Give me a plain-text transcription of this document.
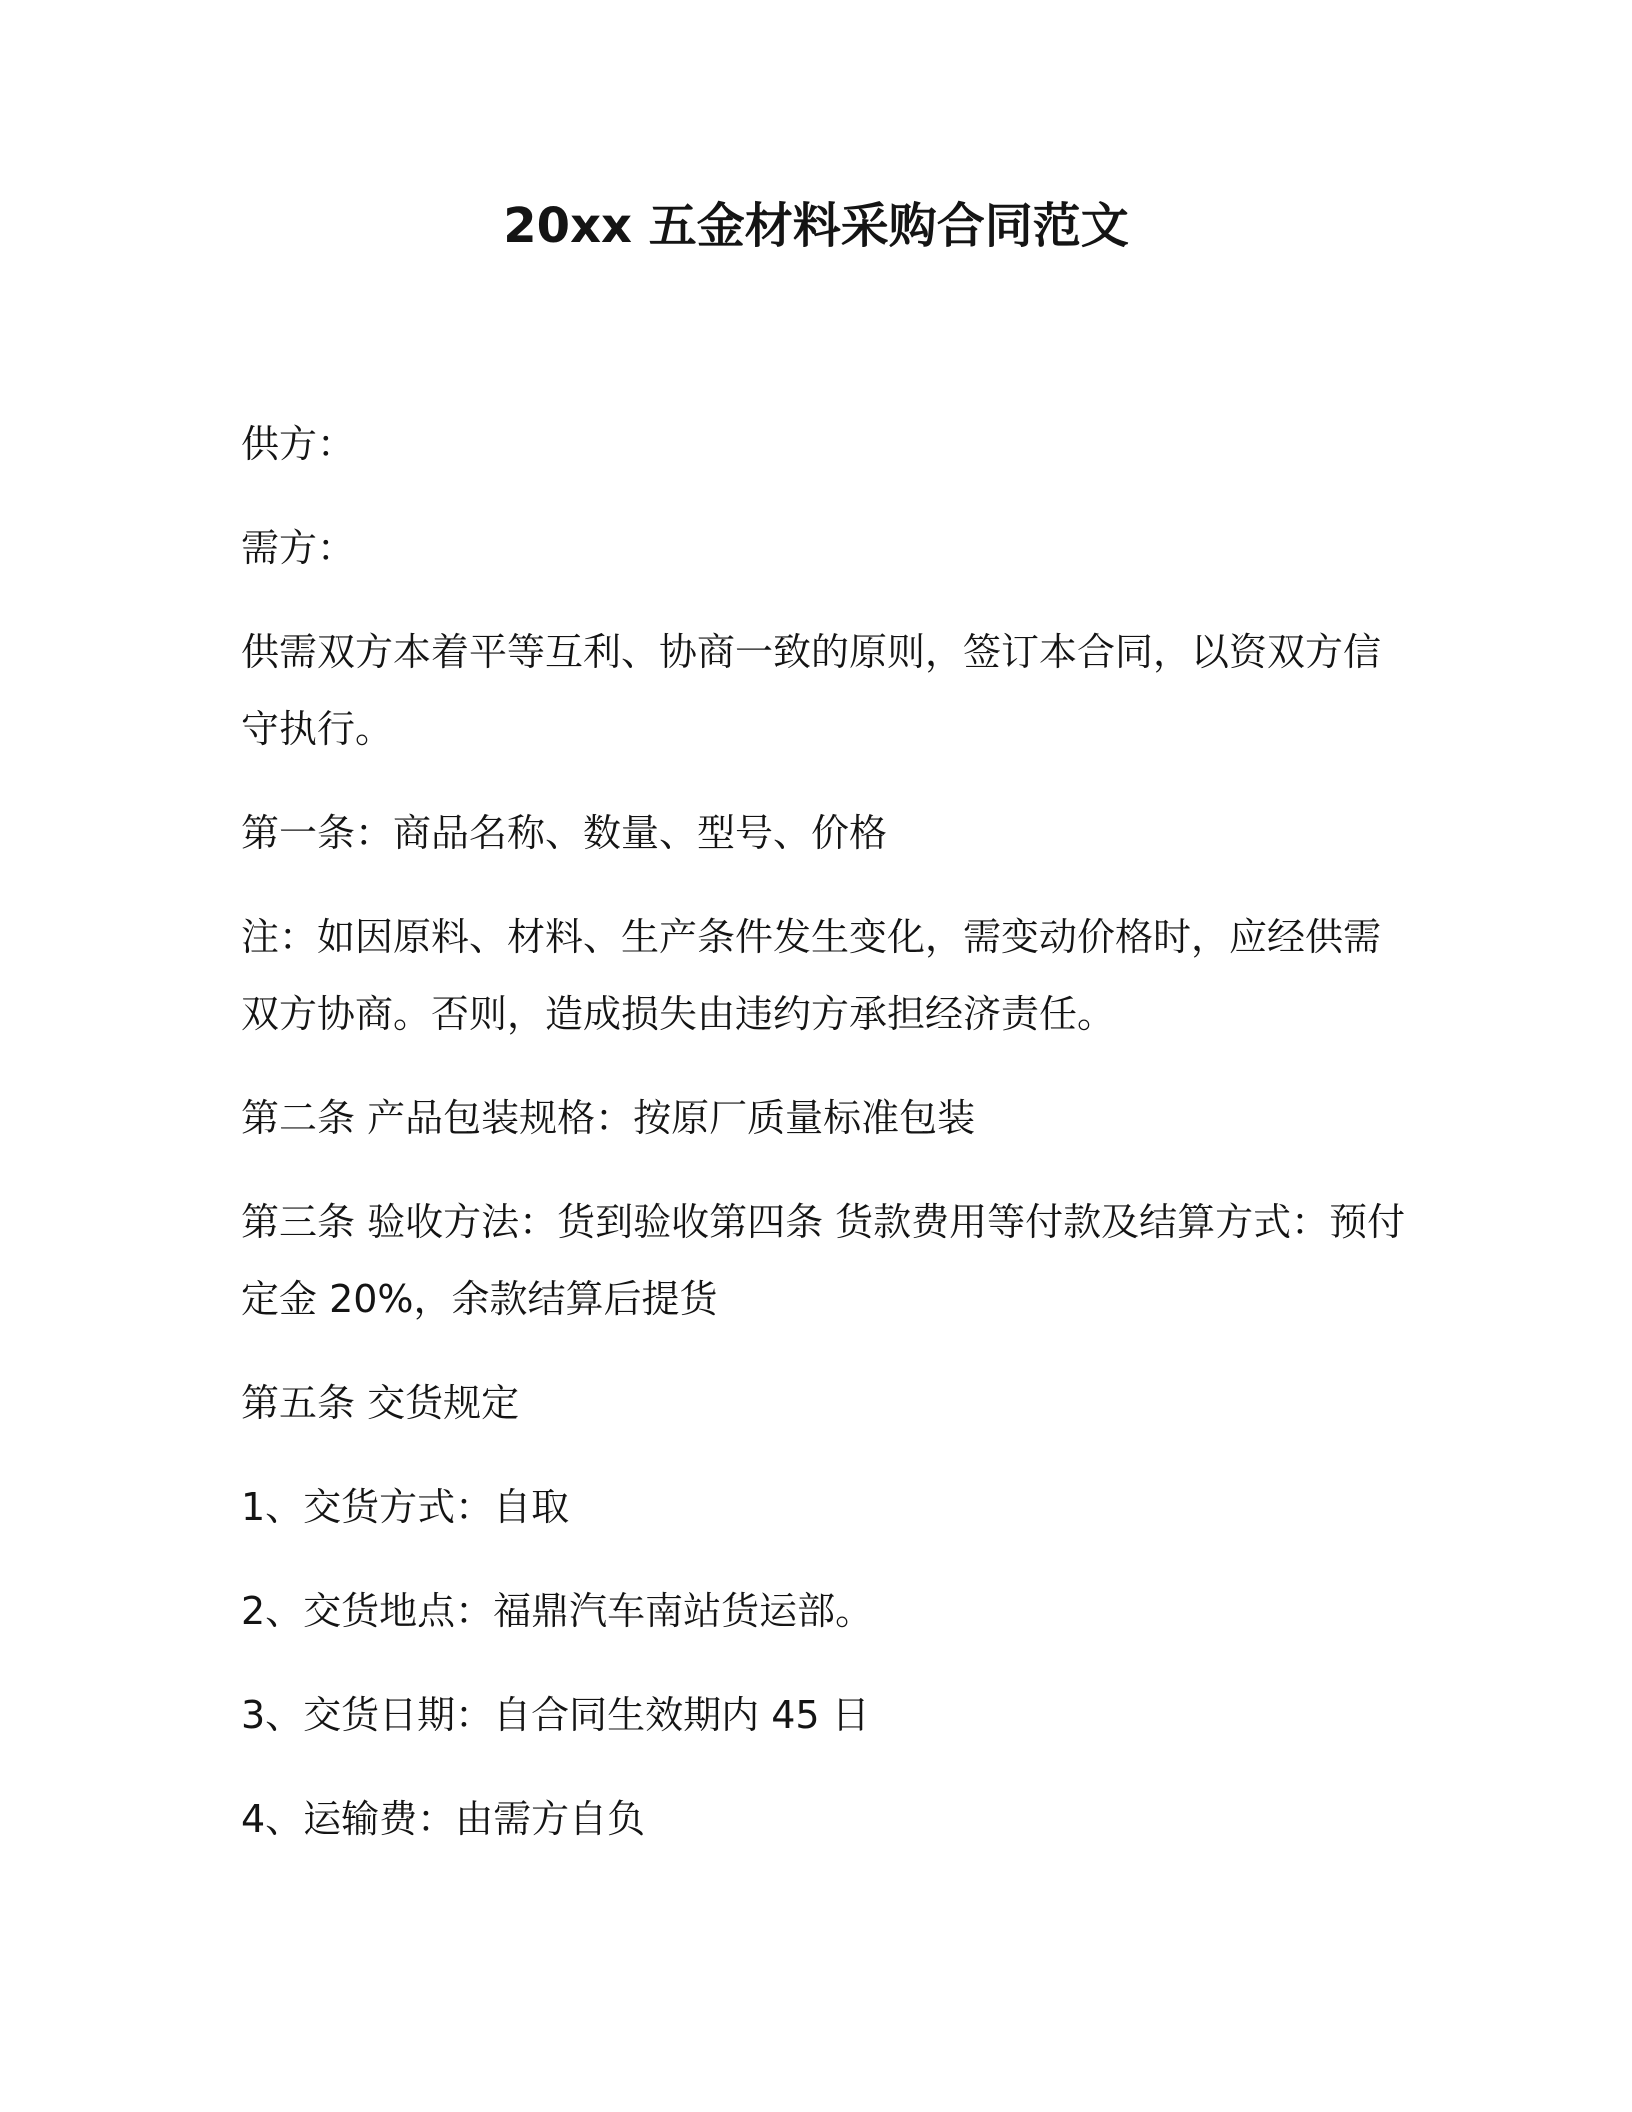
20xx 五金材料采购合同范文

供方：

需方：

供需双方本着平等互利、协商一致的原则，签订本合同，以资双方信

守执行。

第一条：商品名称、数量、型号、价格

注：如因原料、材料、生产条件发生变化，需变动价格时，应经供需

双方协商。否则，造成损失由违约方承担经济责任。

第二条 产品包装规格：按原厂质量标准包装

第三条 验收方法：货到验收第四条 货款费用等付款及结算方式：预付

定金 20%，余款结算后提货

第五条 交货规定

1、交货方式：自取

2、交货地点：福鼎汽车南站货运部。

3、交货日期：自合同生效期内 45 日

4、运输费：由需方自负
